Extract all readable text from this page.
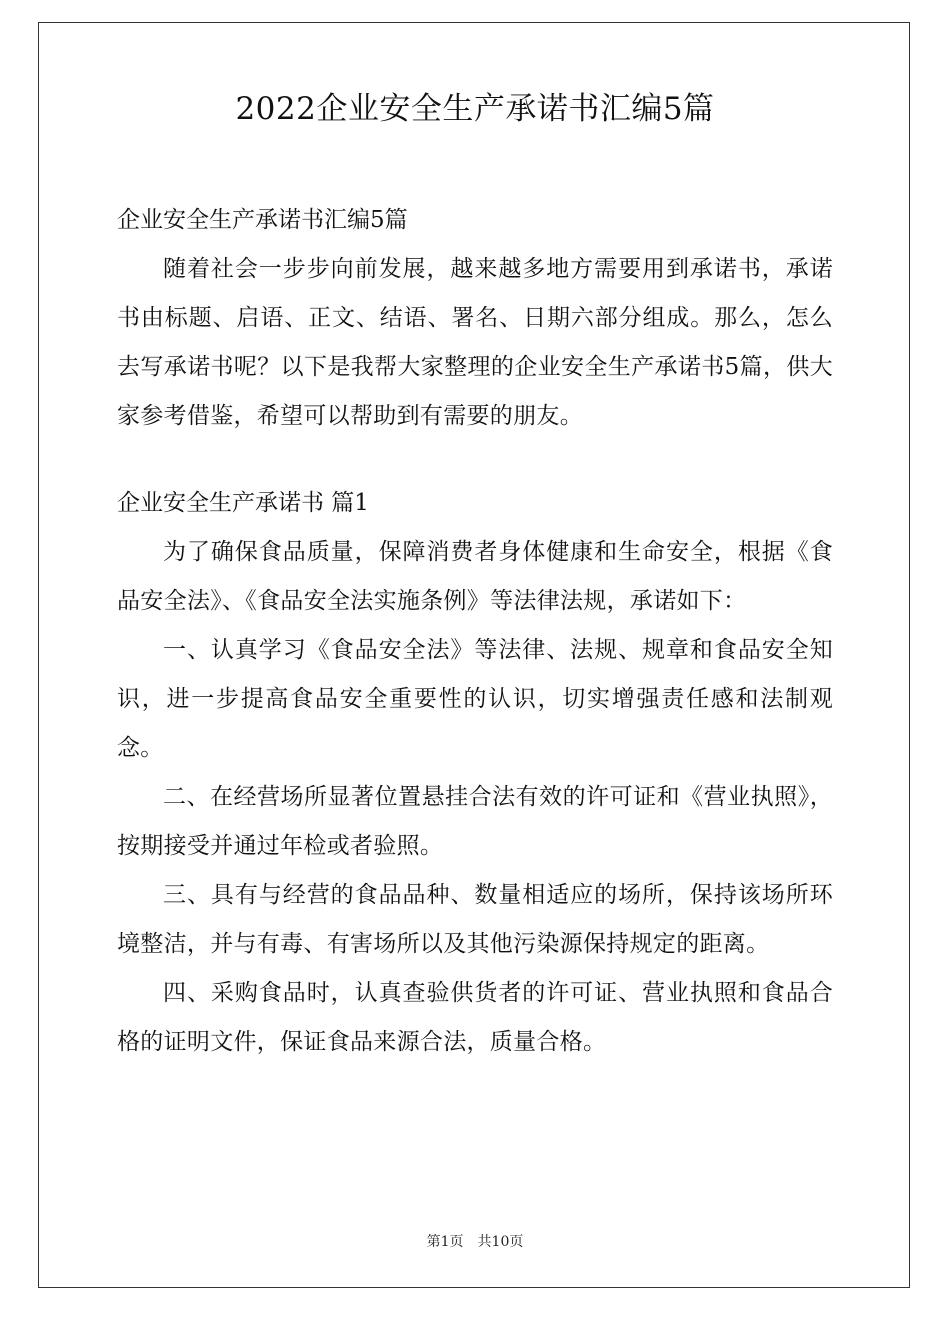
2022企业安全生产承诺书汇编5篇

企业安全生产承诺书汇编5篇

随着社会一步步向前发展，越来越多地方需要用到承诺书，承诺书由标题、启语、正文、结语、署名、日期六部分组成。那么，怎么去写承诺书呢？以下是我帮大家整理的企业安全生产承诺书5篇，供大家参考借鉴，希望可以帮助到有需要的朋友。

企业安全生产承诺书 篇1

为了确保食品质量，保障消费者身体健康和生命安全，根据《食品安全法》、《食品安全法实施条例》等法律法规，承诺如下：

一、认真学习《食品安全法》等法律、法规、规章和食品安全知识，进一步提高食品安全重要性的认识，切实增强责任感和法制观念。

二、在经营场所显著位置悬挂合法有效的许可证和《营业执照》，按期接受并通过年检或者验照。

三、具有与经营的食品品种、数量相适应的场所，保持该场所环境整洁，并与有毒、有害场所以及其他污染源保持规定的距离。

四、采购食品时，认真查验供货者的许可证、营业执照和食品合格的证明文件，保证食品来源合法，质量合格。

第1页 共10页
